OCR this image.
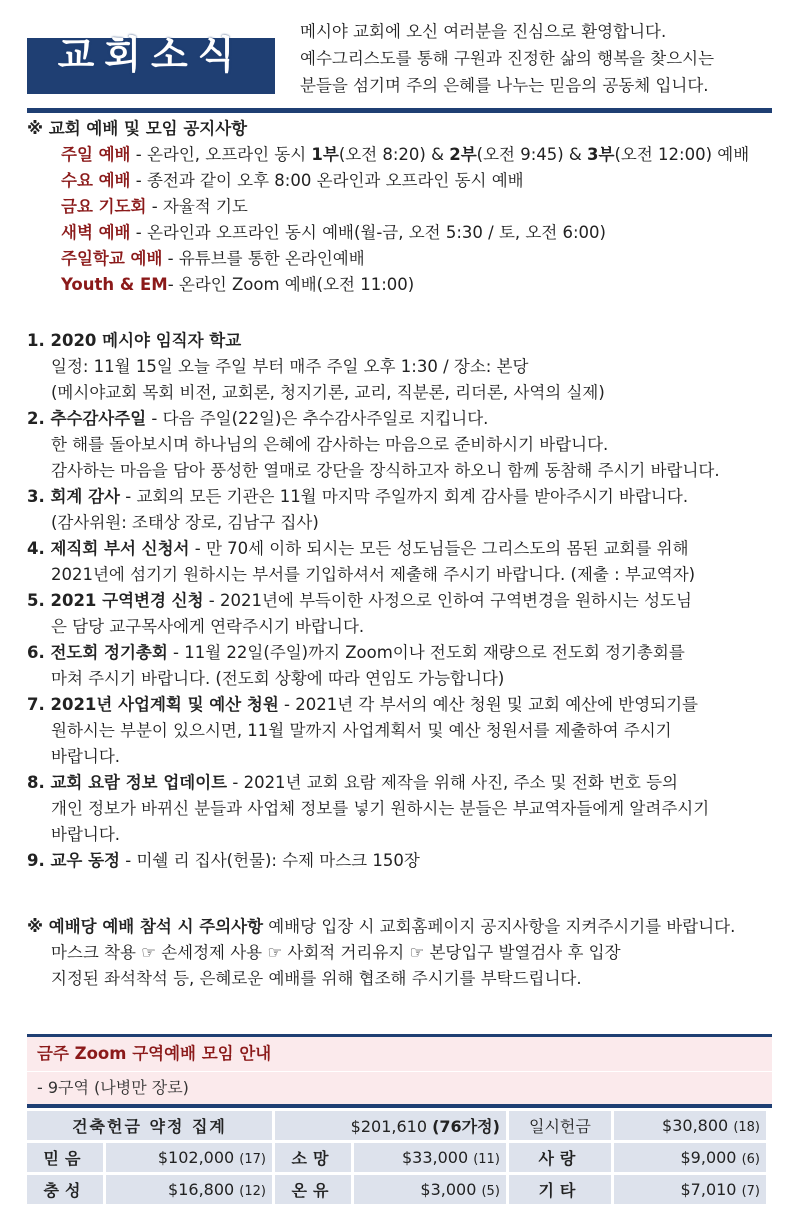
교회소식
메시야 교회에 오신 여러분을 진심으로 환영합니다.
예수그리스도를 통해 구원과 진정한 삶의 행복을 찾으시는
분들을 섬기며 주의 은혜를 나누는 믿음의 공동체 입니다.
※ 교회 예배 및 모임 공지사항
주일 예배 - 온라인, 오프라인 동시 1부(오전 8:20) & 2부(오전 9:45) & 3부(오전 12:00) 예배
수요 예배 - 종전과 같이 오후 8:00 온라인과 오프라인 동시 예배
금요 기도회 - 자율적 기도
새벽 예배 - 온라인과 오프라인 동시 예배(월-금, 오전 5:30 / 토, 오전 6:00)
주일학교 예배 - 유튜브를 통한 온라인예배
Youth & EM- 온라인 Zoom 예배(오전 11:00)
1. 2020 메시야 임직자 학교
일정: 11월 15일 오늘 주일 부터 매주 주일 오후 1:30 / 장소: 본당
(메시야교회 목회 비전, 교회론, 청지기론, 교리, 직분론, 리더론, 사역의 실제)
2. 추수감사주일 - 다음 주일(22일)은 추수감사주일로 지킵니다.
한 해를 돌아보시며 하나님의 은혜에 감사하는 마음으로 준비하시기 바랍니다.
감사하는 마음을 담아 풍성한 열매로 강단을 장식하고자 하오니 함께 동참해 주시기 바랍니다.
3. 회계 감사 - 교회의 모든 기관은 11월 마지막 주일까지 회계 감사를 받아주시기 바랍니다.
(감사위원: 조태상 장로, 김남구 집사)
4. 제직회 부서 신청서 - 만 70세 이하 되시는 모든 성도님들은 그리스도의 몸된 교회를 위해
2021년에 섬기기 원하시는 부서를 기입하셔서 제출해 주시기 바랍니다. (제출 : 부교역자)
5. 2021 구역변경 신청 - 2021년에 부득이한 사정으로 인하여 구역변경을 원하시는 성도님
은 담당 교구목사에게 연락주시기 바랍니다.
6. 전도회 정기총회 - 11월 22일(주일)까지 Zoom이나 전도회 재량으로 전도회 정기총회를
마쳐 주시기 바랍니다. (전도회 상황에 따라 연임도 가능합니다)
7. 2021년 사업계획 및 예산 청원 - 2021년 각 부서의 예산 청원 및 교회 예산에 반영되기를
원하시는 부분이 있으시면, 11월 말까지 사업계획서 및 예산 청원서를 제출하여 주시기
바랍니다.
8. 교회 요람 정보 업데이트 - 2021년 교회 요람 제작을 위해 사진, 주소 및 전화 번호 등의
개인 정보가 바뀌신 분들과 사업체 정보를 넣기 원하시는 분들은 부교역자들에게 알려주시기
바랍니다.
9. 교우 동정 - 미쉘 리 집사(헌물): 수제 마스크 150장
※ 예배당 예배 참석 시 주의사항 예배당 입장 시 교회홈페이지 공지사항을 지켜주시기를 바랍니다.
마스크 착용 ☞ 손세정제 사용 ☞ 사회적 거리유지 ☞ 본당입구 발열검사 후 입장
지정된 좌석착석 등, 은혜로운 예배를 위해 협조해 주시기를 부탁드립니다.
금주 Zoom 구역예배 모임 안내
- 9구역 (나병만 장로)
건축헌금 약정 집계		$201,610 (76가정)		일시헌금	$30,800 (18)
믿음	$102,000 (17)	소망	$33,000 (11)	사랑	$9,000 (6)
충성	$16,800 (12)	온유	$3,000 (5)	기타	$7,010 (7)
